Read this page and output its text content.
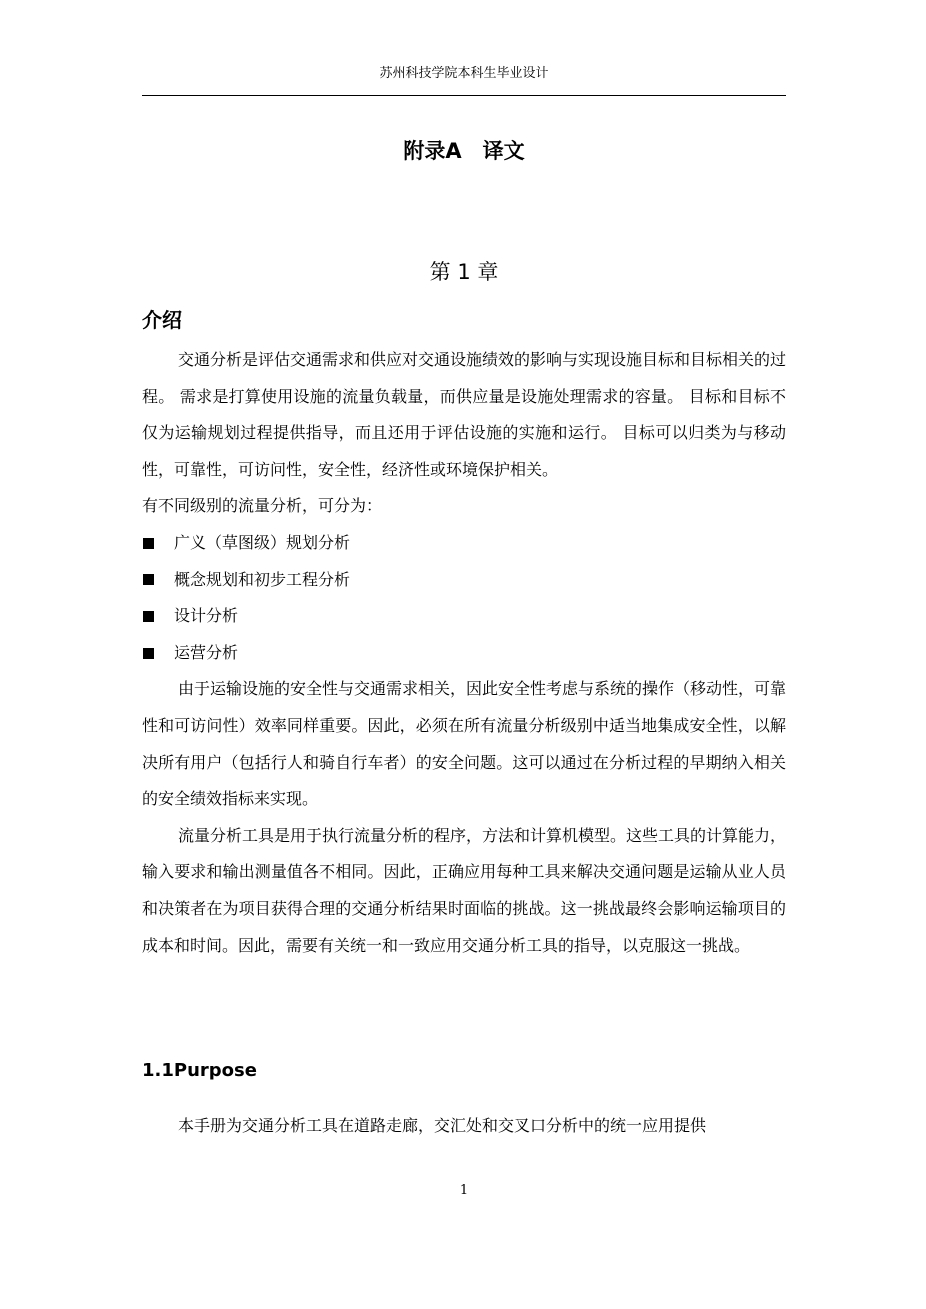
苏州科技学院本科生毕业设计
附录A　译文
第 1 章
介绍

交通分析是评估交通需求和供应对交通设施绩效的影响与实现设施目标和目标相关的过程。 需求是打算使用设施的流量负载量，而供应量是设施处理需求的容量。 目标和目标不仅为运输规划过程提供指导，而且还用于评估设施的实施和运行。 目标可以归类为与移动性，可靠性，可访问性，安全性，经济性或环境保护相关。

有不同级别的流量分析，可分为：

广义（草图级）规划分析
概念规划和初步工程分析
设计分析
运营分析

由于运输设施的安全性与交通需求相关，因此安全性考虑与系统的操作（移动性，可靠性和可访问性）效率同样重要。因此，必须在所有流量分析级别中适当地集成安全性，以解决所有用户（包括行人和骑自行车者）的安全问题。这可以通过在分析过程的早期纳入相关的安全绩效指标来实现。

流量分析工具是用于执行流量分析的程序，方法和计算机模型。这些工具的计算能力，输入要求和输出测量值各不相同。因此，正确应用每种工具来解决交通问题是运输从业人员和决策者在为项目获得合理的交通分析结果时面临的挑战。这一挑战最终会影响运输项目的成本和时间。因此，需要有关统一和一致应用交通分析工具的指导，以克服这一挑战。

1.1Purpose
本手册为交通分析工具在道路走廊，交汇处和交叉口分析中的统一应用提供
1
